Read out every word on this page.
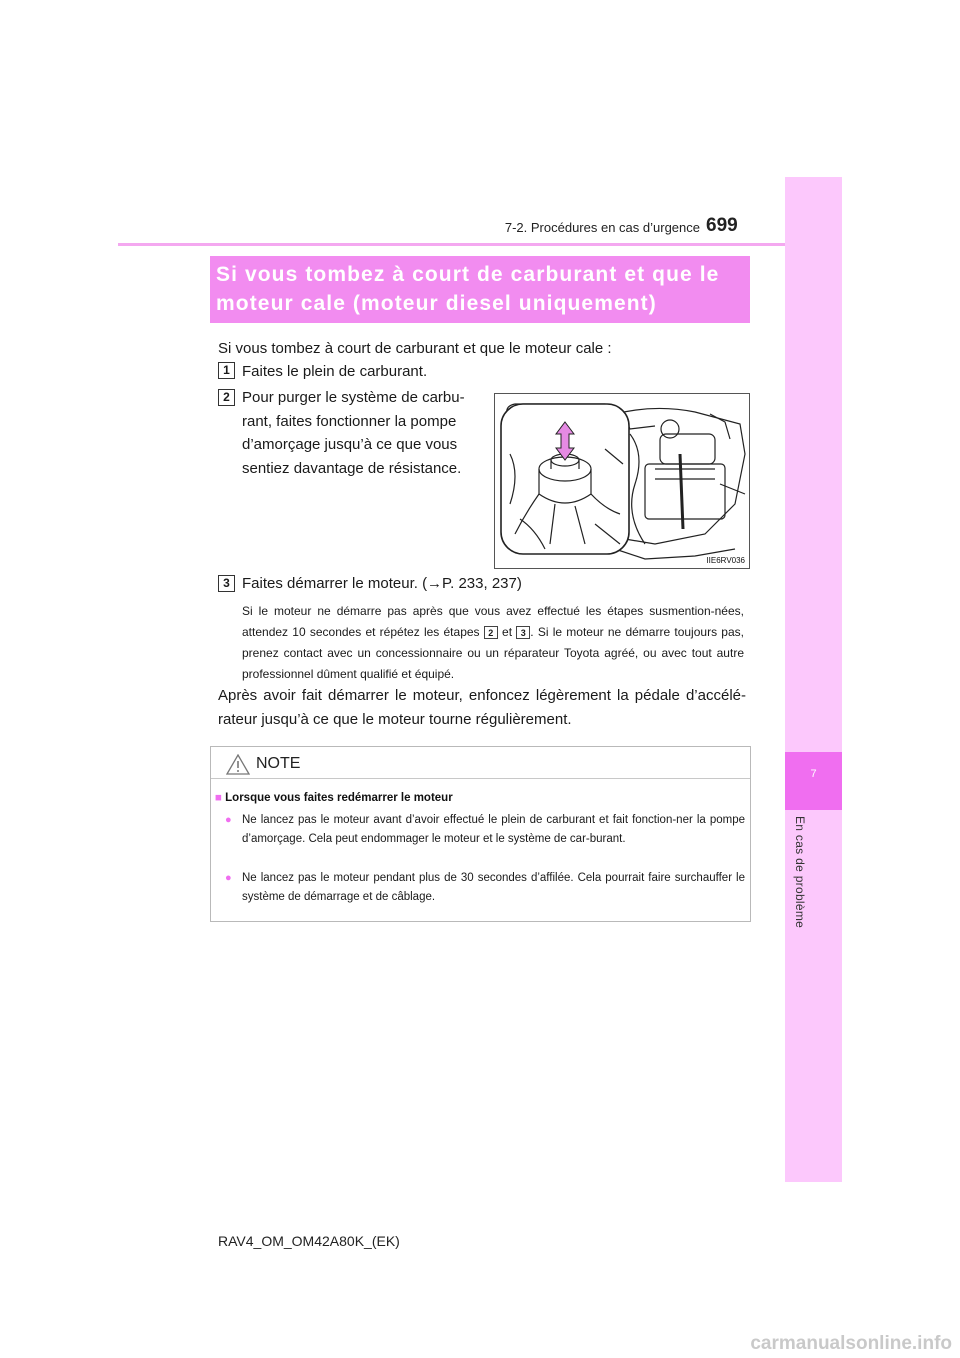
7
En cas de problème
7-2. Procédures en cas d’urgence 699
Si vous tombez à court de carburant et que le
moteur cale (moteur diesel uniquement)
Si vous tombez à court de carburant et que le moteur cale :
1 Faites le plein de carburant.
2 Pour purger le système de carbu-
rant, faites fonctionner la pompe
d’amorçage jusqu’à ce que vous
sentiez davantage de résistance.
IIE6RV036
3 Faites démarrer le moteur. (→P. 233, 237)
Si le moteur ne démarre pas après que vous avez effectué les étapes susmention-nées, attendez 10 secondes et répétez les étapes 2 et 3 . Si le moteur ne démarre toujours pas, prenez contact avec un concessionnaire ou un réparateur Toyota agréé, ou avec tout autre professionnel dûment qualifié et équipé.
Après avoir fait démarrer le moteur, enfoncez légèrement la pédale d’accélé-rateur jusqu’à ce que le moteur tourne régulièrement.
NOTE
■ Lorsque vous faites redémarrer le moteur
● Ne lancez pas le moteur avant d’avoir effectué le plein de carburant et fait fonction-ner la pompe d’amorçage. Cela peut endommager le moteur et le système de car-burant.
● Ne lancez pas le moteur pendant plus de 30 secondes d’affilée. Cela pourrait faire surchauffer le système de démarrage et de câblage.
RAV4_OM_OM42A80K_(EK)
carmanualsonline.info
